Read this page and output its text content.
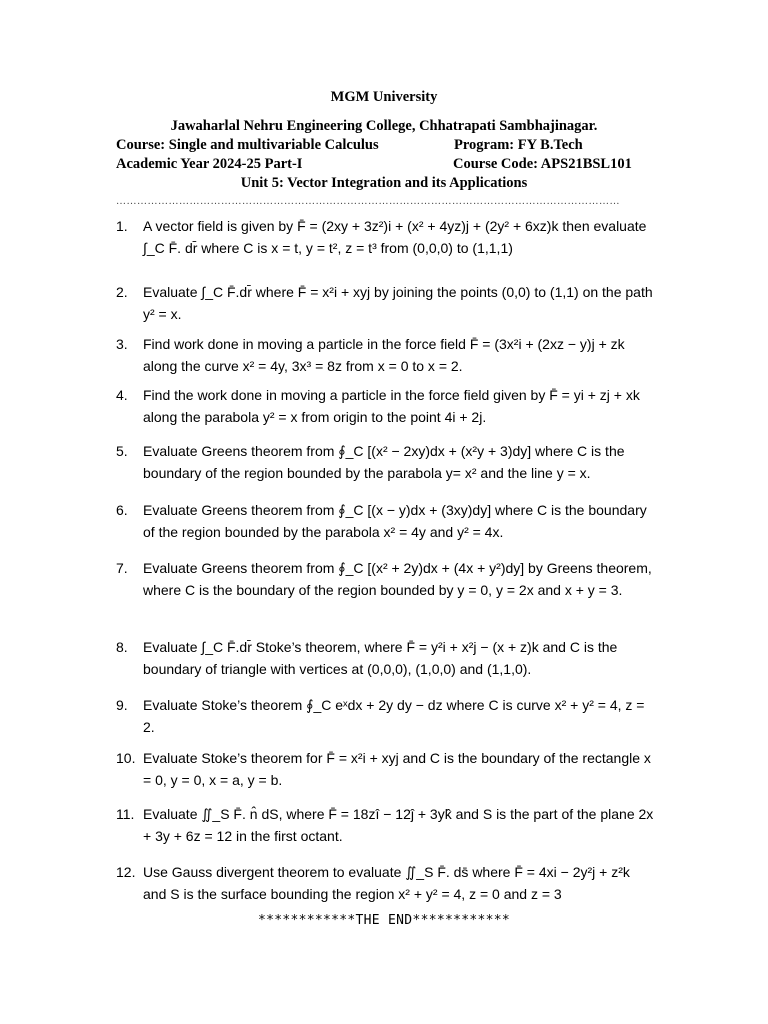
MGM University
Jawaharlal Nehru Engineering College, Chhatrapati Sambhajinagar.
Course: Single and multivariable Calculus	Program: FY B.Tech
Academic Year 2024-25 Part-I	Course Code: APS21BSL101
Unit 5: Vector Integration and its Applications
………………………………………………………………………………………………………………………………
1.	A vector field is given by F̄ = (2xy + 3z²)i + (x² + 4yz)j + (2y² + 6xz)k then evaluate ∫_C F̄. dr̄ where C is x = t, y = t², z = t³ from (0,0,0) to (1,1,1)
2.	Evaluate ∫_C F̄.dr̄ where F̄ = x²i + xyj by joining the points (0,0) to (1,1) on the path y² = x.
3.	Find work done in moving a particle in the force field F̄ = (3x²i + (2xz − y)j + zk along the curve x² = 4y, 3x³ = 8z from x = 0 to x = 2.
4.	Find the work done in moving a particle in the force field given by F̄ = yi + zj + xk along the parabola y² = x from origin to the point 4i + 2j.
5.	Evaluate Greens theorem from ∮_C [(x² − 2xy)dx + (x²y + 3)dy] where C is the boundary of the region bounded by the parabola y= x² and the line y = x.
6.	Evaluate Greens theorem from ∮_C [(x − y)dx + (3xy)dy] where C is the boundary of the region bounded by the parabola x² = 4y and y² = 4x.
7.	Evaluate Greens theorem from ∮_C [(x² + 2y)dx + (4x + y²)dy] by Greens theorem, where C is the boundary of the region bounded by y = 0, y = 2x and x + y = 3.
8.	Evaluate ∫_C F̄.dr̄ Stoke’s theorem, where F̄ = y²i + x²j − (x + z)k and C is the boundary of triangle with vertices at (0,0,0), (1,0,0) and (1,1,0).
9.	Evaluate Stoke’s theorem ∮_C eˣdx + 2y dy − dz where C is curve x² + y² = 4, z = 2.
10. Evaluate Stoke’s theorem for F̄ = x²i + xyj and C is the boundary of the rectangle x = 0, y = 0, x = a, y = b.
11. Evaluate ∬_S F̄. n̂ dS, where F̄ = 18zî − 12ĵ + 3yk̂ and S is the part of the plane 2x + 3y + 6z = 12 in the first octant.
12. Use Gauss divergent theorem to evaluate ∬_S F̄. ds̄ where F̄ = 4xi − 2y²j + z²k and S is the surface bounding the region x² + y² = 4, z = 0 and z = 3
************THE END************
